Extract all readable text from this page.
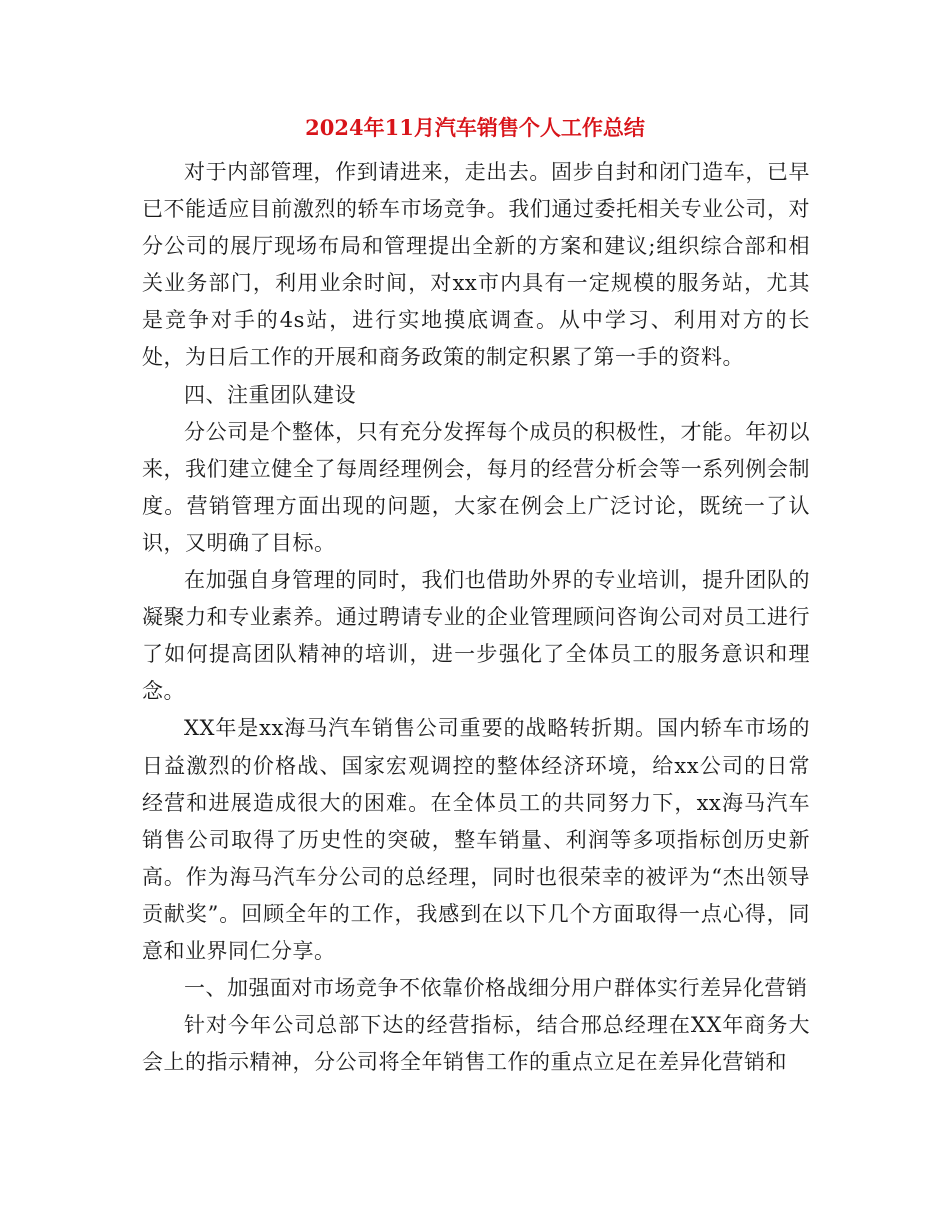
2024年11月汽车销售个人工作总结

对于内部管理，作到请进来，走出去。固步自封和闭门造车，已早已不能适应目前激烈的轿车市场竞争。我们通过委托相关专业公司，对分公司的展厅现场布局和管理提出全新的方案和建议;组织综合部和相关业务部门，利用业余时间，对xx市内具有一定规模的服务站，尤其是竞争对手的4s站，进行实地摸底调查。从中学习、利用对方的长处，为日后工作的开展和商务政策的制定积累了第一手的资料。

四、注重团队建设

分公司是个整体，只有充分发挥每个成员的积极性，才能。年初以来，我们建立健全了每周经理例会，每月的经营分析会等一系列例会制度。营销管理方面出现的问题，大家在例会上广泛讨论，既统一了认识，又明确了目标。

在加强自身管理的同时，我们也借助外界的专业培训，提升团队的凝聚力和专业素养。通过聘请专业的企业管理顾问咨询公司对员工进行了如何提高团队精神的培训，进一步强化了全体员工的服务意识和理念。

XX年是xx海马汽车销售公司重要的战略转折期。国内轿车市场的日益激烈的价格战、国家宏观调控的整体经济环境，给xx公司的日常经营和进展造成很大的困难。在全体员工的共同努力下，xx海马汽车销售公司取得了历史性的突破，整车销量、利润等多项指标创历史新高。作为海马汽车分公司的总经理，同时也很荣幸的被评为“杰出领导贡献奖”。回顾全年的工作，我感到在以下几个方面取得一点心得，同意和业界同仁分享。

一、加强面对市场竞争不依靠价格战细分用户群体实行差异化营销

针对今年公司总部下达的经营指标，结合邢总经理在XX年商务大会上的指示精神，分公司将全年销售工作的重点立足在差异化营销和
